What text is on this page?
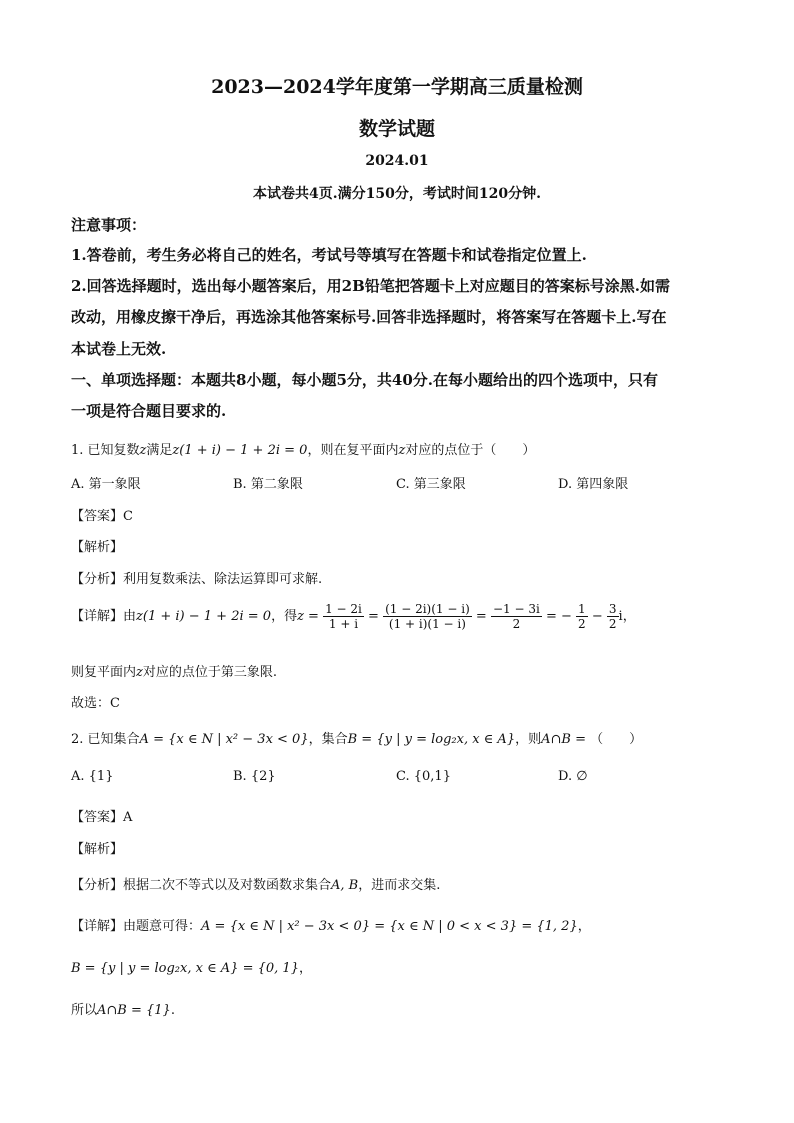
2023—2024学年度第一学期高三质量检测
数学试题
2024.01
本试卷共4页.满分150分，考试时间120分钟.
注意事项：
1.答卷前，考生务必将自己的姓名，考试号等填写在答题卡和试卷指定位置上.
2.回答选择题时，选出每小题答案后，用2B铅笔把答题卡上对应题目的答案标号涂黑.如需
改动，用橡皮擦干净后，再选涂其他答案标号.回答非选择题时，将答案写在答题卡上.写在
本试卷上无效.
一、单项选择题：本题共8小题，每小题5分，共40分.在每小题给出的四个选项中，只有
一项是符合题目要求的.
1. 已知复数z满足z(1 + i) − 1 + 2i = 0，则在复平面内z对应的点位于（　　）
A. 第一象限	B. 第二象限	C. 第三象限	D. 第四象限
【答案】C
【解析】
【分析】利用复数乘法、除法运算即可求解.
【详解】由z(1 + i) − 1 + 2i = 0，得$z = \frac{1 - 2i}{1 + i} = \frac{(1 - 2i)(1 - i)}{(1 + i)(1 - i)} = \frac{-1 - 3i}{2}$ = − $\frac{1}{2} - \frac{3}{2}$ i，
则复平面内z对应的点位于第三象限.
故选：C
2. 已知集合A = {x ∈ N | x² − 3x < 0}，集合B = {y | y = log₂x, x ∈ A}，则A∩B = （　　）
A. {1}	B. {2}	C. {0,1}	D. ∅
【答案】A
【解析】
【分析】根据二次不等式以及对数函数求集合A, B，进而求交集.
【详解】由题意可得：A = {x ∈ N | x² − 3x < 0} = {x ∈ N | 0 < x < 3} = {1, 2}，
B = {y | y = log₂x, x ∈ A} = {0, 1}，
所以A∩B = {1}.
